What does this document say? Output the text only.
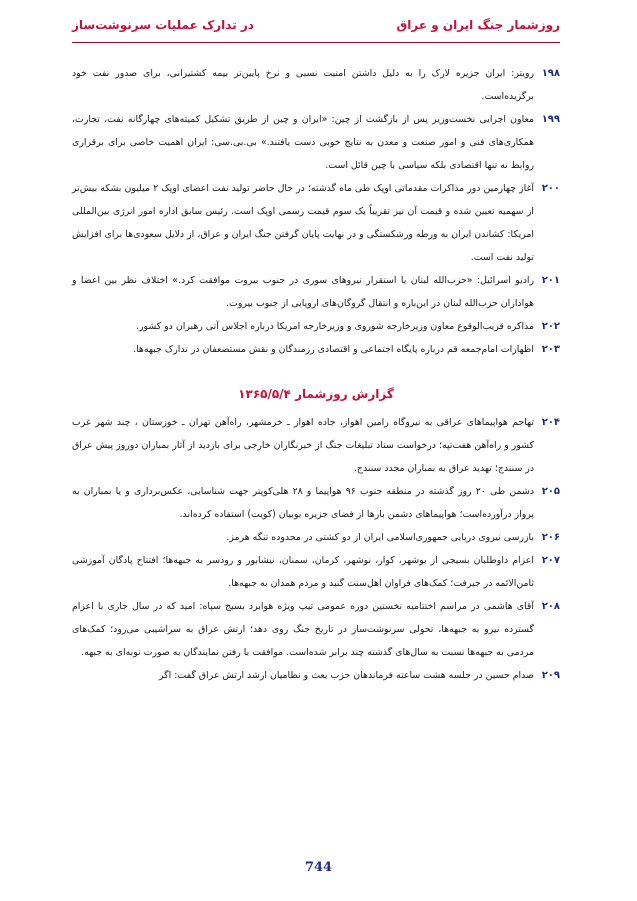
روزشمار جنگ ایران و عراق
در تدارک عملیات سرنوشت‌ساز
۱۹۸
رویتر: ایران جزیره لارک را به دلیل داشتن امنیت نسبی و نرخ پایین‌تر بیمه کشتیرانی، برای صدور نفت خود برگزیده‌است.
۱۹۹
معاون اجرایی نخست‌وزیر پس از بازگشت از چین: «ایران و چین از طریق تشکیل کمیته‌های چهارگانه نفت، تجارت، همکاری‌های فنی و امور صنعت و معدن به نتایج خوبی دست یافتند.» بی.بی.سی: ایران اهمیت خاصی برای برقراری روابط نه تنها اقتصادی بلکه سیاسی با چین قائل است.
۲۰۰
آغاز چهارمین دور مذاکرات مقدماتی اوپک طی ماه گذشته؛ در حال حاضر تولید نفت اعضای اوپک ۲ میلیون بشکه بیش‌تر از سهمیه تعیین شده و قیمت آن نیز تقریباً یک سوم قیمت رسمی اوپک است. رئیس سابق اداره امور انرژی بین‌المللی امریکا: کشاندن ایران به ورطه ورشکستگی و در نهایت پایان گرفتن جنگ ایران و عراق، از دلایل سعودی‌ها برای افزایش تولید نفت است.
۲۰۱
رادیو اسرائیل: «حزب‌الله لبنان با استقرار نیروهای سوری در جنوب بیروت موافقت کرد.» اختلاف نظر بین اعضا و هواداران حزب‌الله لبنان در این‌باره و انتقال گروگان‌های اروپایی از جنوب بیروت.
۲۰۲
مذاکره قریب‌الوقوع معاون وزیرخارجه شوروی و وزیرخارجه امریکا درباره اجلاس آتی رهبران دو کشور.
۲۰۳
اظهارات امام‌جمعه قم درباره پایگاه اجتماعی و اقتصادی رزمندگان و نقش مستضعفان در تدارک جبهه‌ها.
گزارش روزشمار ۱۳۶۵/۵/۴
۲۰۴
تهاجم هواپیماهای عراقی به نیروگاه رامین اهواز، جاده اهواز ـ خرمشهر، راه‌آهن تهران ـ خوزستان ، چند شهر غرب کشور و راه‌آهن هفت‌تپه؛ درخواست ستاد تبلیغات جنگ از خبرنگاران خارجی برای بازدید از آثار بمباران دوروز پیش عراق در سنندج؛ تهدید عراق به بمباران مجدد سنندج.
۲۰۵
دشمن طی ۲۰ روز گذشته در منطقه جنوب ۹۶ هواپیما و ۲۸ هلی‌کوپتر جهت شناسایی، عکس‌برداری و یا بمباران به پرواز درآورده‌است؛ هواپیماهای دشمن بارها از فضای جزیره بوبیان (کویت) استفاده کرده‌اند.
۲۰۶
بازرسی نیروی دریایی جمهوری‌اسلامی ایران از دو کشتی در محدوده تنگه هرمز.
۲۰۷
اعزام داوطلبان بسیجی از بوشهر، کوار، نوشهر، کرمان، سمنان، نیشابور و رودسر به جبهه‌ها؛ افتتاح پادگان آموزشی ثامن‌الائمه در جیرفت؛ کمک‌های فراوان اهل‌سنت گنبد و مردم همدان به جبهه‌ها.
۲۰۸
آقای هاشمی در مراسم اختتامیه نخستین دوره عمومی تیپ ویژه هوابرد بسیج سپاه: امید که در سال جاری با اعزام گسترده نیرو به جبهه‌ها، تحولی سرنوشت‌ساز در تاریخ جنگ روی دهد؛ ارتش عراق به سراشیبی می‌رود؛ کمک‌های مردمی به جبهه‌ها نسبت به سال‌های گذشته چند برابر شده‌است. موافقت با رفتن نمایندگان به صورت نوبه‌ای به جبهه.
۲۰۹
صدام حسین در جلسه هشت ساعته فرماندهان حزب بعث و نظامیان ارشد ارتش عراق گفت: اگر
744
